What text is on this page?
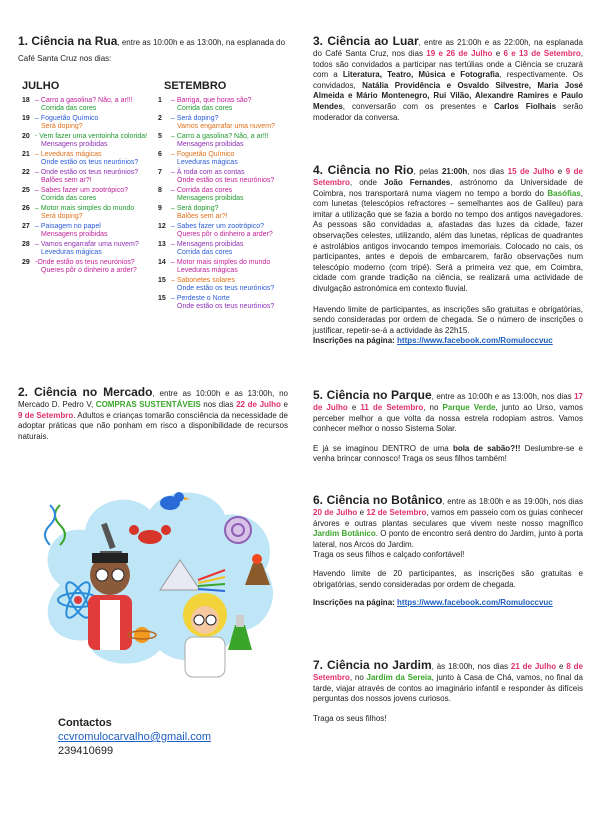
1. Ciência na Rua, entre as 10:00h e as 13:00h, na esplanada do Café Santa Cruz nos dias:
JULHO	SETEMBRO
18 – Carro a gasolina? Não, a ar!!!
Corrida das cores
19 – Foguetão Químico
Será doping?
20 - Vem fazer uma ventoinha colorida!
Mensagens proibidas
21 – Leveduras mágicas
Onde estão os teus neurónios?
22 – Onde estão os teus neurónios?
Balões sem ar?!
25 – Sabes fazer um zootrópico?
Corrida das cores
26 – Motor mais simples do mundo
Será doping?
27 – Paisagem no papel
Mensagens proibidas
28 – Vamos engarrafar uma nuvem?
Leveduras mágicas
29 -Onde estão os teus neurónios?
Queres pôr o dinheiro a arder?
1	– Barriga, que horas são?
Corrida das cores
2	– Será doping?
Vamos engarrafar uma nuvem?
5	– Carro a gasolina? Não, a ar!!!
Mensagens proibidas
6	– Foguetão Químico
Leveduras mágicas
7	– À roda com as contas
Onde estão os teus neurónios?
8	– Corrida das cores
Mensagens proibidas
9	– Será doping?
Balões sem ar?!
12 – Sabes fazer um zootrópico?
Queres pôr o dinheiro a arder?
13 – Mensagens proibidas
Corrida das cores
14 – Motor mais simples do mundo
Leveduras mágicas
15 – Sabonetes solares
Onde estão os teus neurónios?
15 – Perdeste o Norte
Onde estão os teus neurónios?
2. Ciência no Mercado, entre as 10:00h e as 13:00h, no Mercado D. Pedro V, COMPRAS SUSTENTÁVEIS nos dias 22 de Julho e 9 de Setembro. Adultos e crianças tomarão consciência da necessidade de adoptar práticas que não ponham em risco a disponibilidade de recursos naturais.
Contactos
ccvromulocarvalho@gmail.com
239410699
3. Ciência ao Luar, entre as 21:00h e as 22:00h, na esplanada do Café Santa Cruz, nos dias 19 e 26 de Julho e 6 e 13 de Setembro, todos são convidados a participar nas tertúlias onde a Ciência se cruzará com a Literatura, Teatro, Música e Fotografia, respectivamente. Os convidados, Natália Providência e Osvaldo Silvestre, Maria José Almeida e Mário Montenegro, Rui Vilão, Alexandre Ramires e Paulo Mendes, conversarão com os presentes e Carlos Fiolhais serão moderador da conversa.
4. Ciência no Rio, pelas 21:00h, nos dias 15 de Julho e 9 de Setembro, onde João Fernandes, astrónomo da Universidade de Coimbra, nos transportará numa viagem no tempo a bordo do Basófias, com lunetas (telescópios refractores – semelhantes aos de Galileu) para imitar a utilização que se fazia a bordo no tempo dos antigos navegadores. As pessoas são convidadas a, afastadas das luzes da cidade, fazer observações celestes, utilizando, além das lunetas, réplicas de quadrantes e astrolábios antigos invocando tempos imemoriais. Colocado no cais, os participantes, antes e depois de embarcarem, farão observações num telescópio moderno (com tripé). Será a primeira vez que, em Coimbra, cidade com grande tradição na ciência, se realizará uma actividade de divulgação astronómica em contexto fluvial.
Havendo limite de participantes, as inscrições são gratuitas e obrigatórias, sendo consideradas por ordem de chegada. Se o número de inscrições o justificar, repetir-se-á a actividade às 22h15.
Inscrições na página: https://www.facebook.com/Romuloccvuc
5. Ciência no Parque, entre as 10:00h e as 13:00h, nos dias 17 de Julho e 11 de Setembro, no Parque Verde, junto ao Urso, vamos perceber melhor a que volta da nossa estrela rodopiam astros. Vamos conhecer melhor o nosso Sistema Solar.
E já se imaginou DENTRO de uma bola de sabão?!! Deslumbre-se e venha brincar connosco! Traga os seus filhos também!
6. Ciência no Botânico, entre as 18:00h e as 19:00h, nos dias 20 de Julho e 12 de Setembro, vamos em passeio com os guias conhecer árvores e outras plantas seculares que vivem neste nosso magnífico Jardim Botânico. O ponto de encontro será dentro do Jardim, junto à porta lateral, nos Arcos do Jardim.
Traga os seus filhos e calçado confortável!
Havendo limite de 20 participantes, as inscrições são gratuitas e obrigatórias, sendo consideradas por ordem de chegada.
Inscrições na página: https://www.facebook.com/Romuloccvuc
7. Ciência no Jardim, às 18:00h, nos dias 21 de Julho e 8 de Setembro, no Jardim da Sereia, junto à Casa de Chá, vamos, no final da tarde, viajar através de contos ao imaginário infantil e responder às difíceis perguntas dos nossos jovens curiosos.
Traga os seus filhos!
